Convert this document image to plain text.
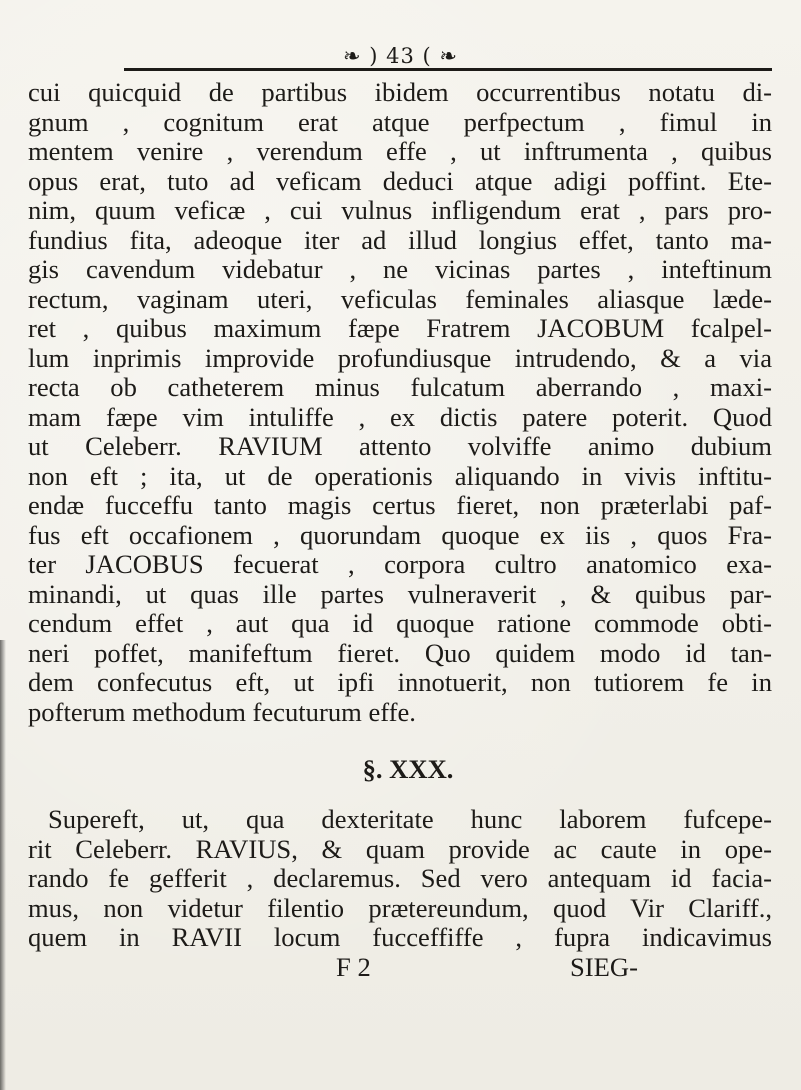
❧ ) 43 ( ❧
cui quicquid de partibus ibidem occurrentibus notatu di-
gnum , cognitum erat atque perfpectum , fimul in
mentem venire , verendum effe , ut inftrumenta , quibus
opus erat, tuto ad veficam deduci atque adigi poffint. Ete-
nim, quum veficæ , cui vulnus infligendum erat , pars pro-
fundius fita, adeoque iter ad illud longius effet, tanto ma-
gis cavendum videbatur , ne vicinas partes , inteftinum
rectum, vaginam uteri, veficulas feminales aliasque læde-
ret , quibus maximum fæpe Fratrem JACOBUM fcalpel-
lum inprimis improvide profundiusque intrudendo, & a via
recta ob catheterem minus fulcatum aberrando , maxi-
mam fæpe vim intuliffe , ex dictis patere poterit. Quod
ut Celeberr. RAVIUM attento volviffe animo dubium
non eft ; ita, ut de operationis aliquando in vivis inftitu-
endæ fucceffu tanto magis certus fieret, non præterlabi paf-
fus eft occafionem , quorundam quoque ex iis , quos Fra-
ter JACOBUS fecuerat , corpora cultro anatomico exa-
minandi, ut quas ille partes vulneraverit , & quibus par-
cendum effet , aut qua id quoque ratione commode obti-
neri poffet, manifeftum fieret. Quo quidem modo id tan-
dem confecutus eft, ut ipfi innotuerit, non tutiorem fe in
pofterum methodum fecuturum effe.
§. XXX.
Supereft, ut, qua dexteritate hunc laborem fufcepe-
rit Celeberr. RAVIUS, & quam provide ac caute in ope-
rando fe gefferit , declaremus. Sed vero antequam id facia-
mus, non videtur filentio prætereundum, quod Vir Clariff.,
quem in RAVII locum fucceffiffe , fupra indicavimus
F 2	SIEG-
